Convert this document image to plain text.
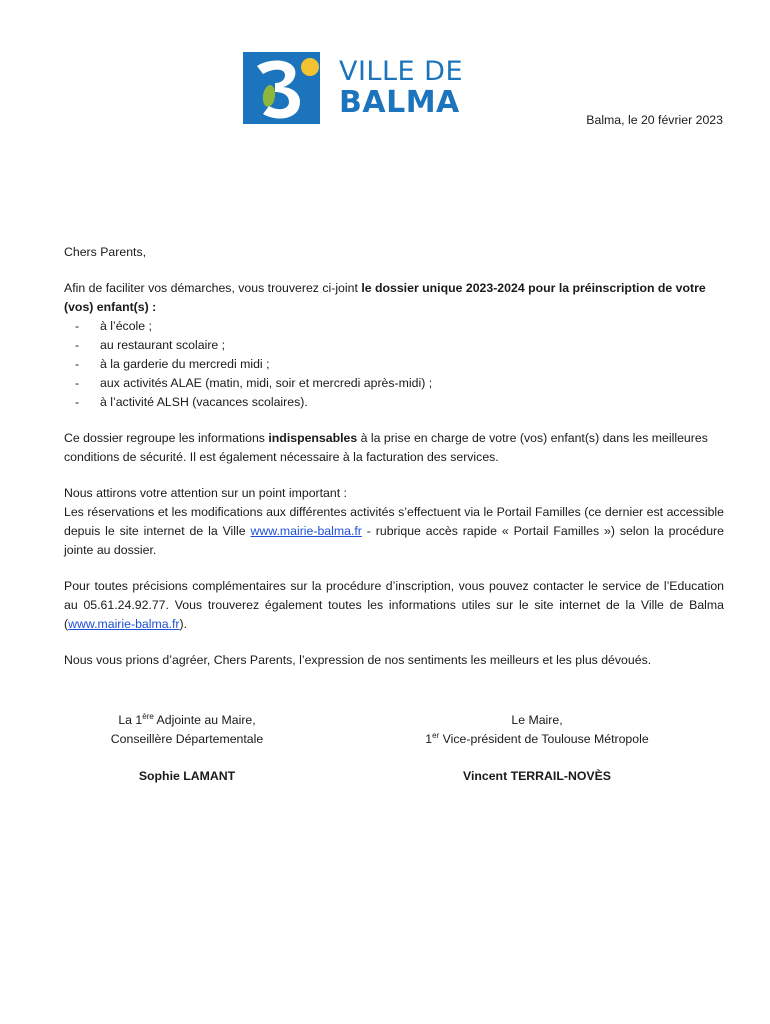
VILLE DE
BALMA	Balma, le 20 février 2023

Chers Parents,

Afin de faciliter vos démarches, vous trouverez ci-joint le dossier unique 2023-2024 pour la préinscription de votre (vos) enfant(s) :

- à l’école ;
- au restaurant scolaire ;
- à la garderie du mercredi midi ;
- aux activités ALAE (matin, midi, soir et mercredi après-midi) ;
- à l’activité ALSH (vacances scolaires).

Ce dossier regroupe les informations indispensables à la prise en charge de votre (vos) enfant(s) dans les meilleures conditions de sécurité. Il est également nécessaire à la facturation des services.

Nous attirons votre attention sur un point important :

Les réservations et les modifications aux différentes activités s’effectuent via le Portail Familles (ce dernier est accessible depuis le site internet de la Ville www.mairie-balma.fr - rubrique accès rapide « Portail Familles ») selon la procédure jointe au dossier.

Pour toutes précisions complémentaires sur la procédure d’inscription, vous pouvez contacter le service de l’Education au 05.61.24.92.77. Vous trouverez également toutes les informations utiles sur le site internet de la Ville de Balma (www.mairie-balma.fr).

Nous vous prions d’agréer, Chers Parents, l’expression de nos sentiments les meilleurs et les plus dévoués.

La 1ère Adjointe au Maire,
Conseillère Départementale
Sophie LAMANT
Le Maire,
1er Vice-président de Toulouse Métropole
Vincent TERRAIL-NOVÈS
